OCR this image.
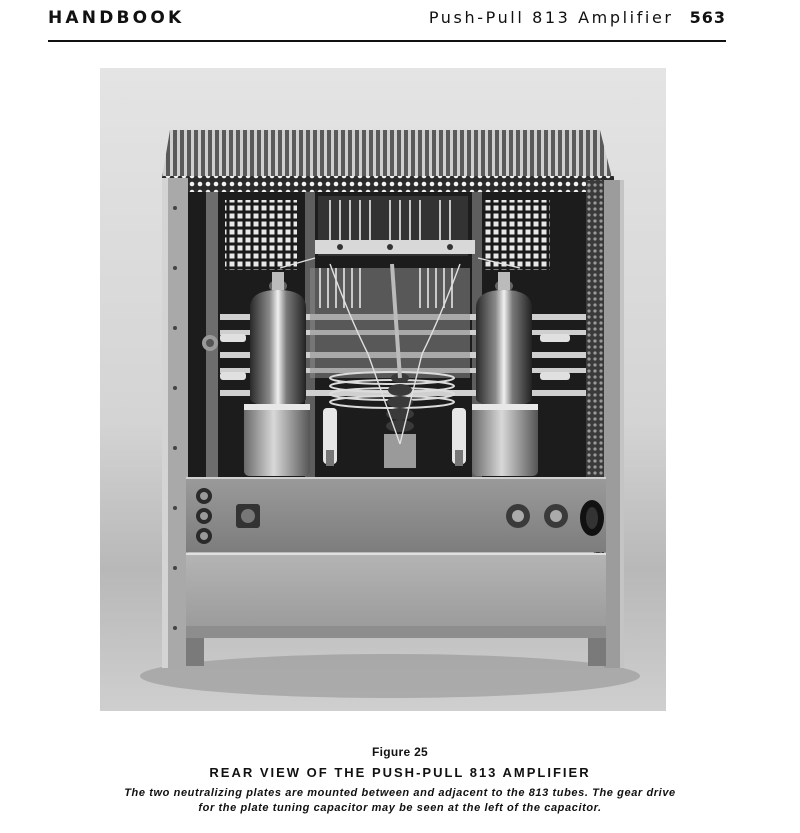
HANDBOOK	Push-Pull 813 Amplifier 563
Figure 25
REAR VIEW OF THE PUSH-PULL 813 AMPLIFIER
The two neutralizing plates are mounted between and adjacent to the 813 tubes. The gear drive
for the plate tuning capacitor may be seen at the left of the capacitor.
